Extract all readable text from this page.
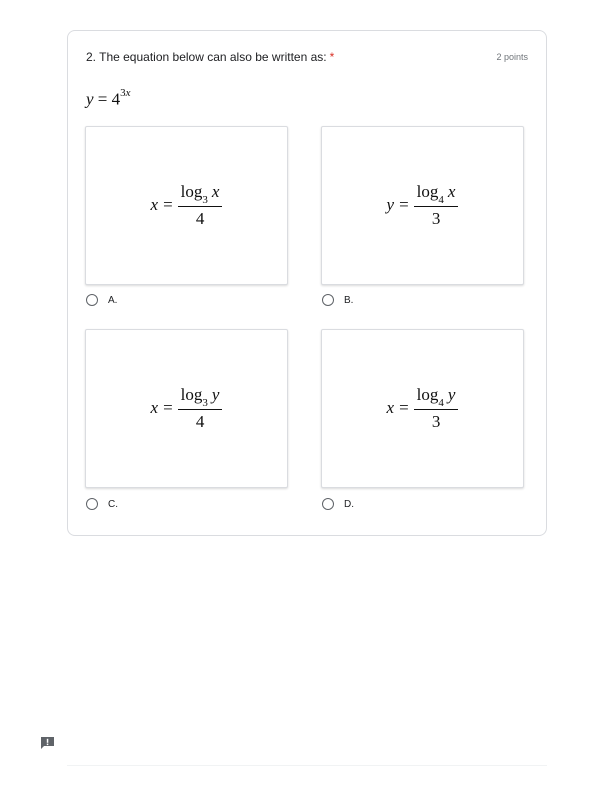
2. The equation below can also be written as: *	2 points
$y = 4^{3x}$
$x = \frac{\log_3 x}{4}$
A.
$y = \frac{\log_4 x}{3}$
B.
$x = \frac{\log_3 y}{4}$
C.
$x = \frac{\log_4 y}{3}$
D.
